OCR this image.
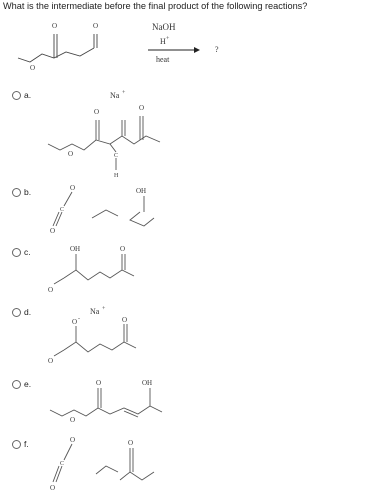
What is the intermediate before the final product of the following reactions?
O
O	O	NaOH
H +
heat
?
a.	Na +
O	O
O	C
H
b.	OH
O
C
O
c.	OH	O
O
d.
O -
Na +
O
O
e.	O	OH
O
f.	O
C
O
O
